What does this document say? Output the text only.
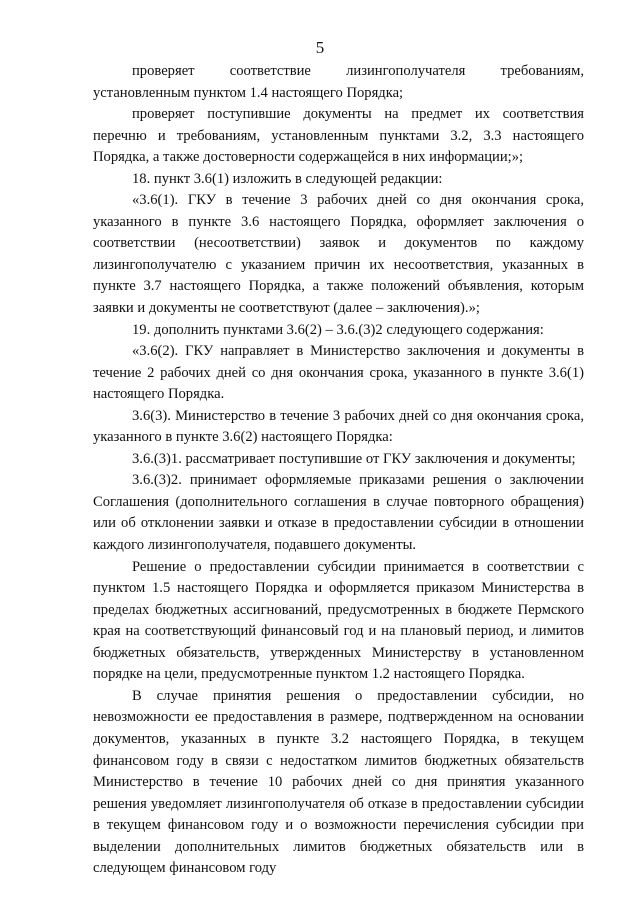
5

проверяет соответствие лизингополучателя требованиям, установленным пунктом 1.4 настоящего Порядка;

проверяет поступившие документы на предмет их соответствия перечню и требованиям, установленным пунктами 3.2, 3.3 настоящего Порядка, а также достоверности содержащейся в них информации;»;

18. пункт 3.6(1) изложить в следующей редакции:

«3.6(1). ГКУ в течение 3 рабочих дней со дня окончания срока, указанного в пункте 3.6 настоящего Порядка, оформляет заключения о соответствии (несоответствии) заявок и документов по каждому лизингополучателю с указанием причин их несоответствия, указанных в пункте 3.7 настоящего Порядка, а также положений объявления, которым заявки и документы не соответствуют (далее – заключения).»;

19. дополнить пунктами 3.6(2) – 3.6.(3)2 следующего содержания:

«3.6(2). ГКУ направляет в Министерство заключения и документы в течение 2 рабочих дней со дня окончания срока, указанного в пункте 3.6(1) настоящего Порядка.

3.6(3). Министерство в течение 3 рабочих дней со дня окончания срока, указанного в пункте 3.6(2) настоящего Порядка:

3.6.(3)1. рассматривает поступившие от ГКУ заключения и документы;

3.6.(3)2. принимает оформляемые приказами решения о заключении Соглашения (дополнительного соглашения в случае повторного обращения) или об отклонении заявки и отказе в предоставлении субсидии в отношении каждого лизингополучателя, подавшего документы.

Решение о предоставлении субсидии принимается в соответствии с пунктом 1.5 настоящего Порядка и оформляется приказом Министерства в пределах бюджетных ассигнований, предусмотренных в бюджете Пермского края на соответствующий финансовый год и на плановый период, и лимитов бюджетных обязательств, утвержденных Министерству в установленном порядке на цели, предусмотренные пунктом 1.2 настоящего Порядка.

В случае принятия решения о предоставлении субсидии, но невозможности ее предоставления в размере, подтвержденном на основании документов, указанных в пункте 3.2 настоящего Порядка, в текущем финансовом году в связи с недостатком лимитов бюджетных обязательств Министерство в течение 10 рабочих дней со дня принятия указанного решения уведомляет лизингополучателя об отказе в предоставлении субсидии в текущем финансовом году и о возможности перечисления субсидии при выделении дополнительных лимитов бюджетных обязательств или в следующем финансовом году
